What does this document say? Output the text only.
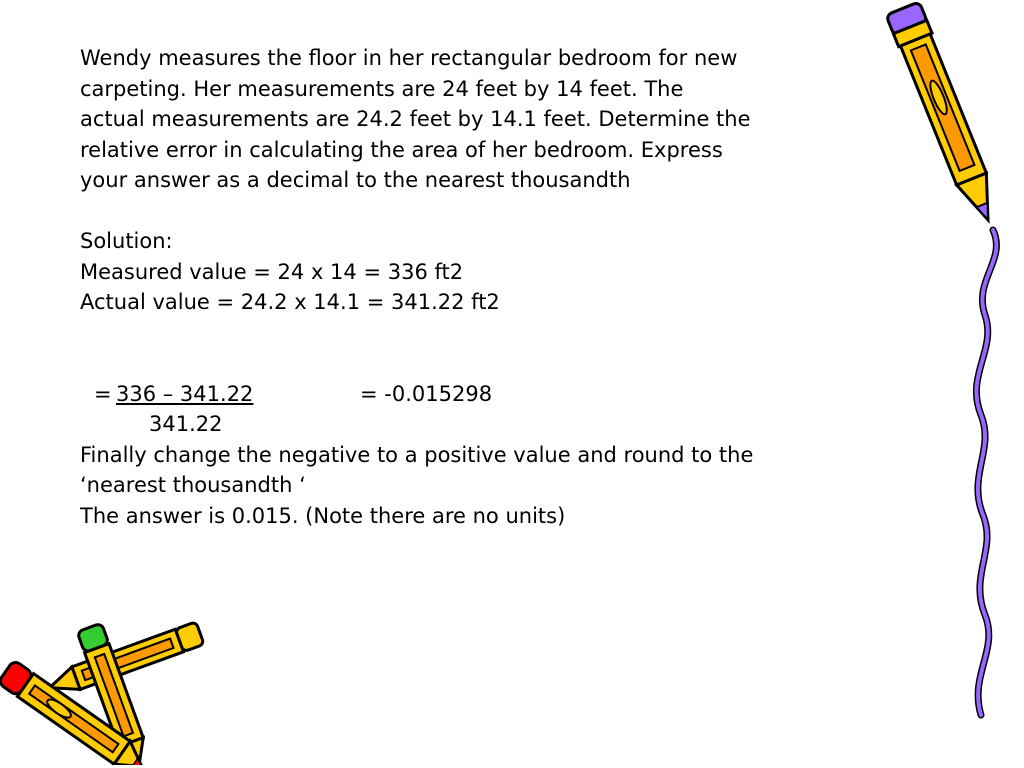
Wendy measures the floor in her rectangular bedroom for new
carpeting. Her measurements are 24 feet by 14 feet. The
actual measurements are 24.2 feet by 14.1 feet. Determine the
relative error in calculating the area of her bedroom. Express
your answer as a decimal to the nearest thousandth
Solution:
Measured value = 24 x 14 = 336 ft2
Actual value = 24.2 x 14.1 = 341.22 ft2
= 336 – 341.22	= -0.015298
341.22
Finally change the negative to a positive value and round to the
‘nearest thousandth ‘
The answer is 0.015. (Note there are no units)
